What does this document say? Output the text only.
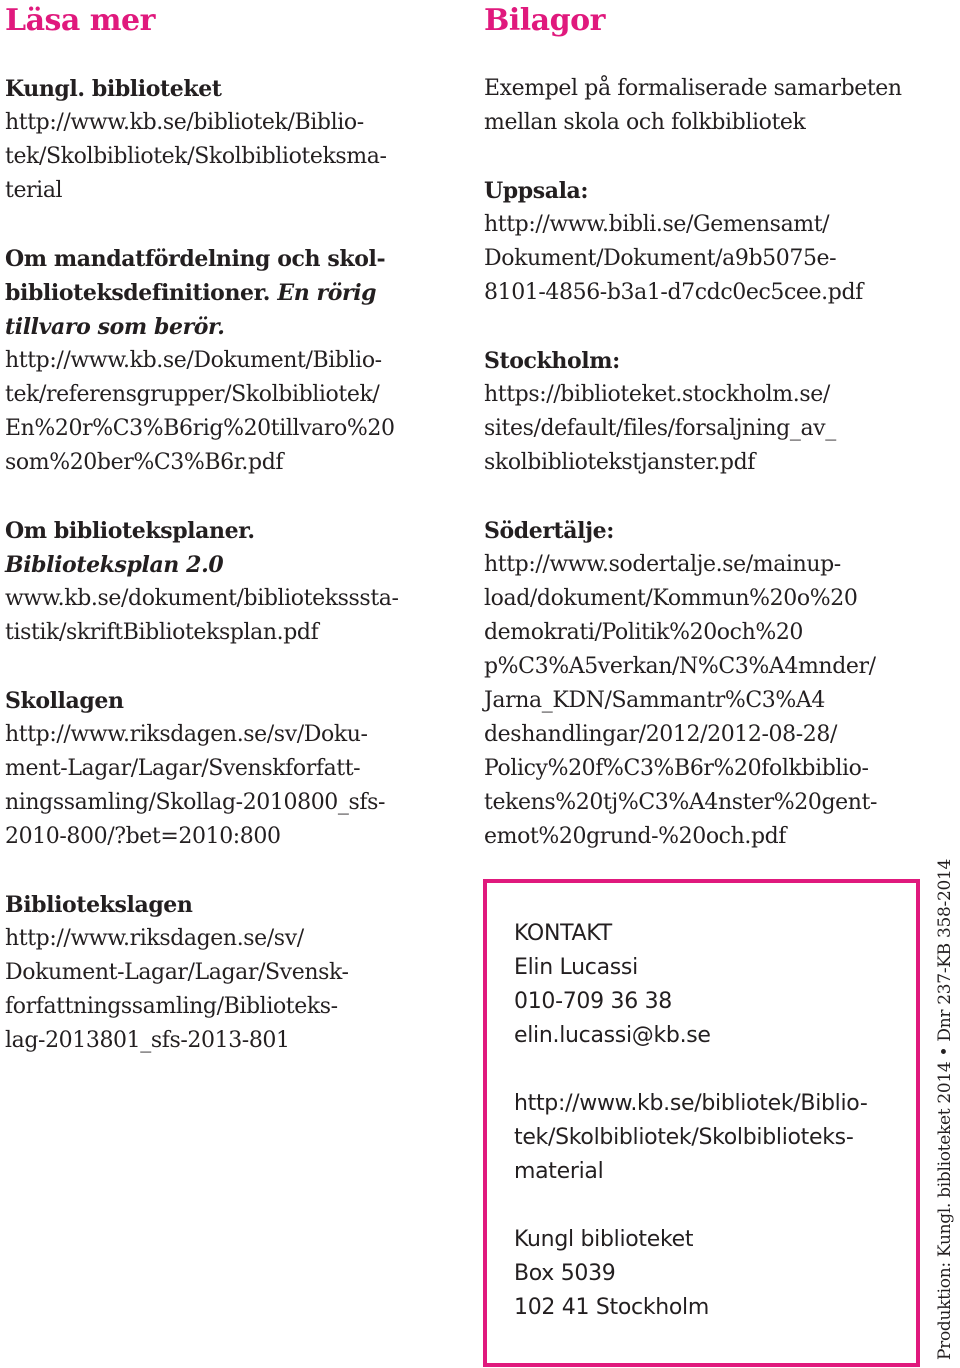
Läsa mer
Kungl. biblioteket
http://www.kb.se/bibliotek/Biblio-
tek/Skolbibliotek/Skolbiblioteksma-
terial
Om mandatfördelning och skol-
biblioteksdefinitioner. En rörig
tillvaro som berör.
http://www.kb.se/Dokument/Biblio-
tek/referensgrupper/Skolbibliotek/
En%20r%C3%B6rig%20tillvaro%20
som%20ber%C3%B6r.pdf
Om biblioteksplaner.
Biblioteksplan 2.0
www.kb.se/dokument/biblioteksssta-
tistik/skriftBiblioteksplan.pdf
Skollagen
http://www.riksdagen.se/sv/Doku-
ment-Lagar/Lagar/Svenskforfatt-
ningssamling/Skollag-2010800_sfs-
2010-800/?bet=2010:800
Bibliotekslagen
http://www.riksdagen.se/sv/
Dokument-Lagar/Lagar/Svensk-
forfattningssamling/Biblioteks-
lag-2013801_sfs-2013-801
Bilagor
Exempel på formaliserade samarbeten
mellan skola och folkbibliotek
Uppsala:
http://www.bibli.se/Gemensamt/
Dokument/Dokument/a9b5075e-
8101-4856-b3a1-d7cdc0ec5cee.pdf
Stockholm:
https://biblioteket.stockholm.se/
sites/default/files/forsaljning_av_
skolbibliotekstjanster.pdf
Södertälje:
http://www.sodertalje.se/mainup-
load/dokument/Kommun%20o%20
demokrati/Politik%20och%20
p%C3%A5verkan/N%C3%A4mnder/
Jarna_KDN/Sammantr%C3%A4
deshandlingar/2012/2012-08-28/
Policy%20f%C3%B6r%20folkbiblio-
tekens%20tj%C3%A4nster%20gent-
emot%20grund-%20och.pdf
KONTAKT
Elin Lucassi
010-709 36 38
elin.lucassi@kb.se
http://www.kb.se/bibliotek/Biblio-
tek/Skolbibliotek/Skolbiblioteks-
material
Kungl biblioteket
Box 5039
102 41 Stockholm	Produktion: Kungl. biblioteket 2014 • Dnr 237-KB 358-2014
